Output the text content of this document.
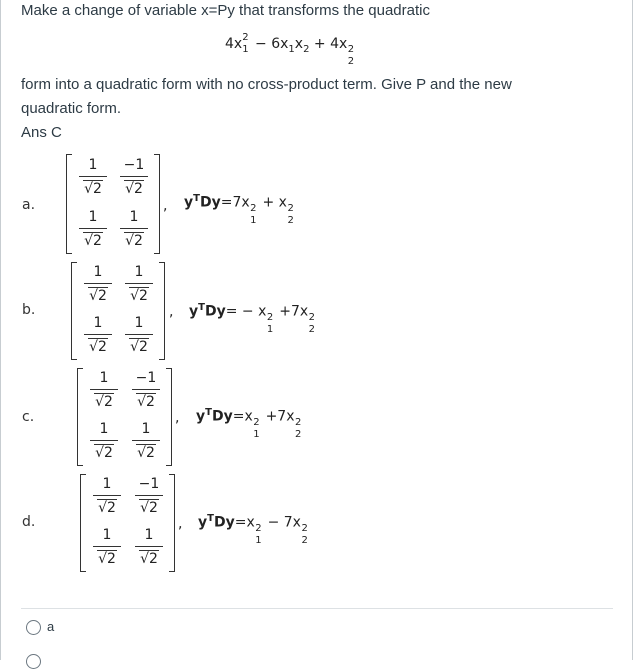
Make a change of variable x=Py that transforms the quadratic
4x 2
$1 - 6x_1x_2 + 4x$ 2
2
form into a quadratic form with no cross-product term. Give P and the new
quadratic form.
Ans C
a.
1
√2
−1
√2
1
√2
1
√2
, $y^TDy=7x$ 2
1
+ x 2
2
b.
1
√2
1
√2
1
√2
1
√2
, $y^TDy= - x$ 2
1
+7x 2
2
c.
1
√2
−1
√2
1
√2
1
√2
, $y^TDy=x$ 2
1
+7x 2
2
d.
1
√2
−1
√2
1
√2
1
√2
, $y^TDy=x$ 2
1
− 7x 2
2
a
